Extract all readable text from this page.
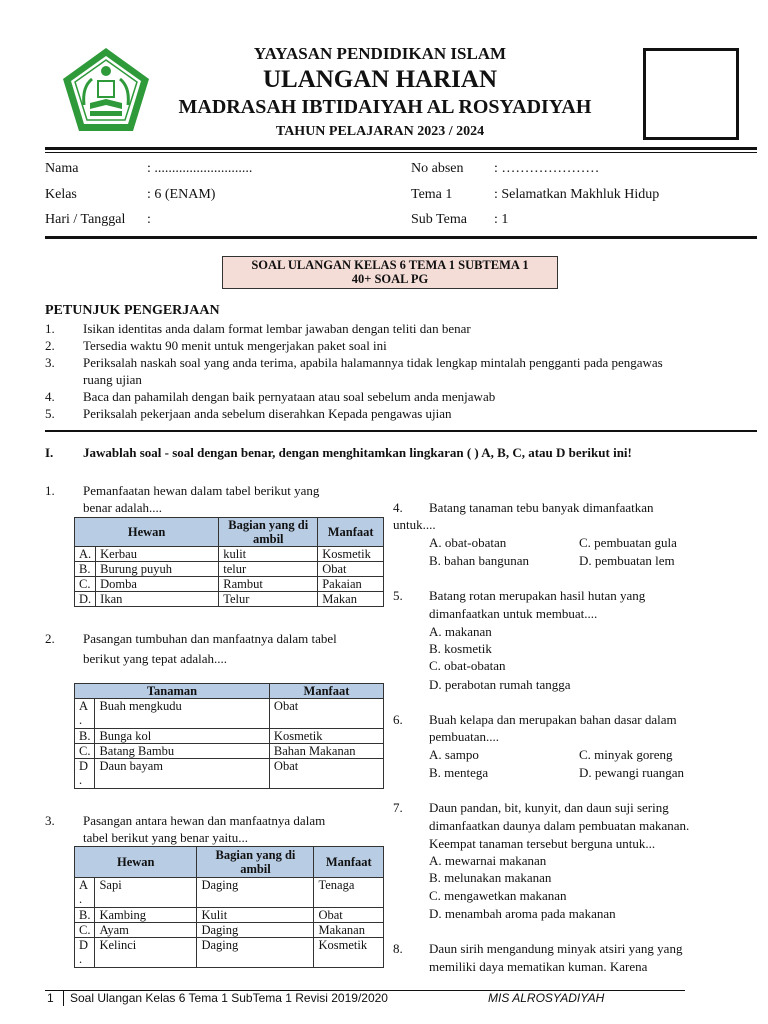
YAYASAN PENDIDIKAN ISLAM
ULANGAN HARIAN
MADRASAH IBTIDAIYAH AL ROSYADIYAH
TAHUN PELAJARAN 2023 / 2024
Nama	: ............................
Kelas	: 6 (ENAM)
Hari / Tanggal :
No absen : …………………
Tema 1	: Selamatkan Makhluk Hidup
Sub Tema : 1
SOAL ULANGAN KELAS 6 TEMA 1 SUBTEMA 1
40+ SOAL PG
PETUNJUK PENGERJAAN
1.	Isikan identitas anda dalam format lembar jawaban dengan teliti dan benar
2.	Tersedia waktu 90 menit untuk mengerjakan paket soal ini
3.	Periksalah naskah soal yang anda terima, apabila halamannya tidak lengkap mintalah pengganti pada pengawas
ruang ujian
4.	Baca dan pahamilah dengan baik pernyataan atau soal sebelum anda menjawab
5.	Periksalah pekerjaan anda sebelum diserahkan Kepada pengawas ujian
I. Jawablah soal - soal dengan benar, dengan menghitamkan lingkaran ( ) A, B, C, atau D berikut ini!
1. Pemanfaatan hewan dalam tabel berikut yang
benar adalah....
Hewan		Bagian yang di ambil	Manfaat
A.	Kerbau	kulit	Kosmetik
B.	Burung puyuh	telur	Obat
C.	Domba	Rambut	Pakaian
D.	Ikan	Telur	Makan
2. Pasangan tumbuhan dan manfaatnya dalam tabel
berikut yang tepat adalah....
Tanaman		Manfaat
A .	Buah mengkudu	Obat
B.	Bunga kol	Kosmetik
C.	Batang Bambu	Bahan Makanan
D .	Daun bayam	Obat
3. Pasangan antara hewan dan manfaatnya dalam
tabel berikut yang benar yaitu...
Hewan		Bagian yang di ambil	Manfaat
A .	Sapi	Daging	Tenaga
B.	Kambing	Kulit	Obat
C.	Ayam	Daging	Makanan
D .	Kelinci	Daging	Kosmetik
4. Batang tanaman tebu banyak dimanfaatkan
untuk....
A. obat-obatan	C. pembuatan gula
B. bahan bangunan	D. pembuatan lem
5. Batang rotan merupakan hasil hutan yang
dimanfaatkan untuk membuat....
A. makanan
B. kosmetik
C. obat-obatan
D. perabotan rumah tangga
6. Buah kelapa dan merupakan bahan dasar dalam
pembuatan....
A. sampo	C. minyak goreng
B. mentega	D. pewangi ruangan
7. Daun pandan, bit, kunyit, dan daun suji sering
dimanfaatkan daunya dalam pembuatan makanan.
Keempat tanaman tersebut berguna untuk...
A. mewarnai makanan
B. melunakan makanan
C. mengawetkan makanan
D. menambah aroma pada makanan
8. Daun sirih mengandung minyak atsiri yang yang
memiliki daya mematikan kuman. Karena
1 Soal Ulangan Kelas 6 Tema 1 SubTema 1 Revisi 2019/2020	MIS ALROSYADIYAH
